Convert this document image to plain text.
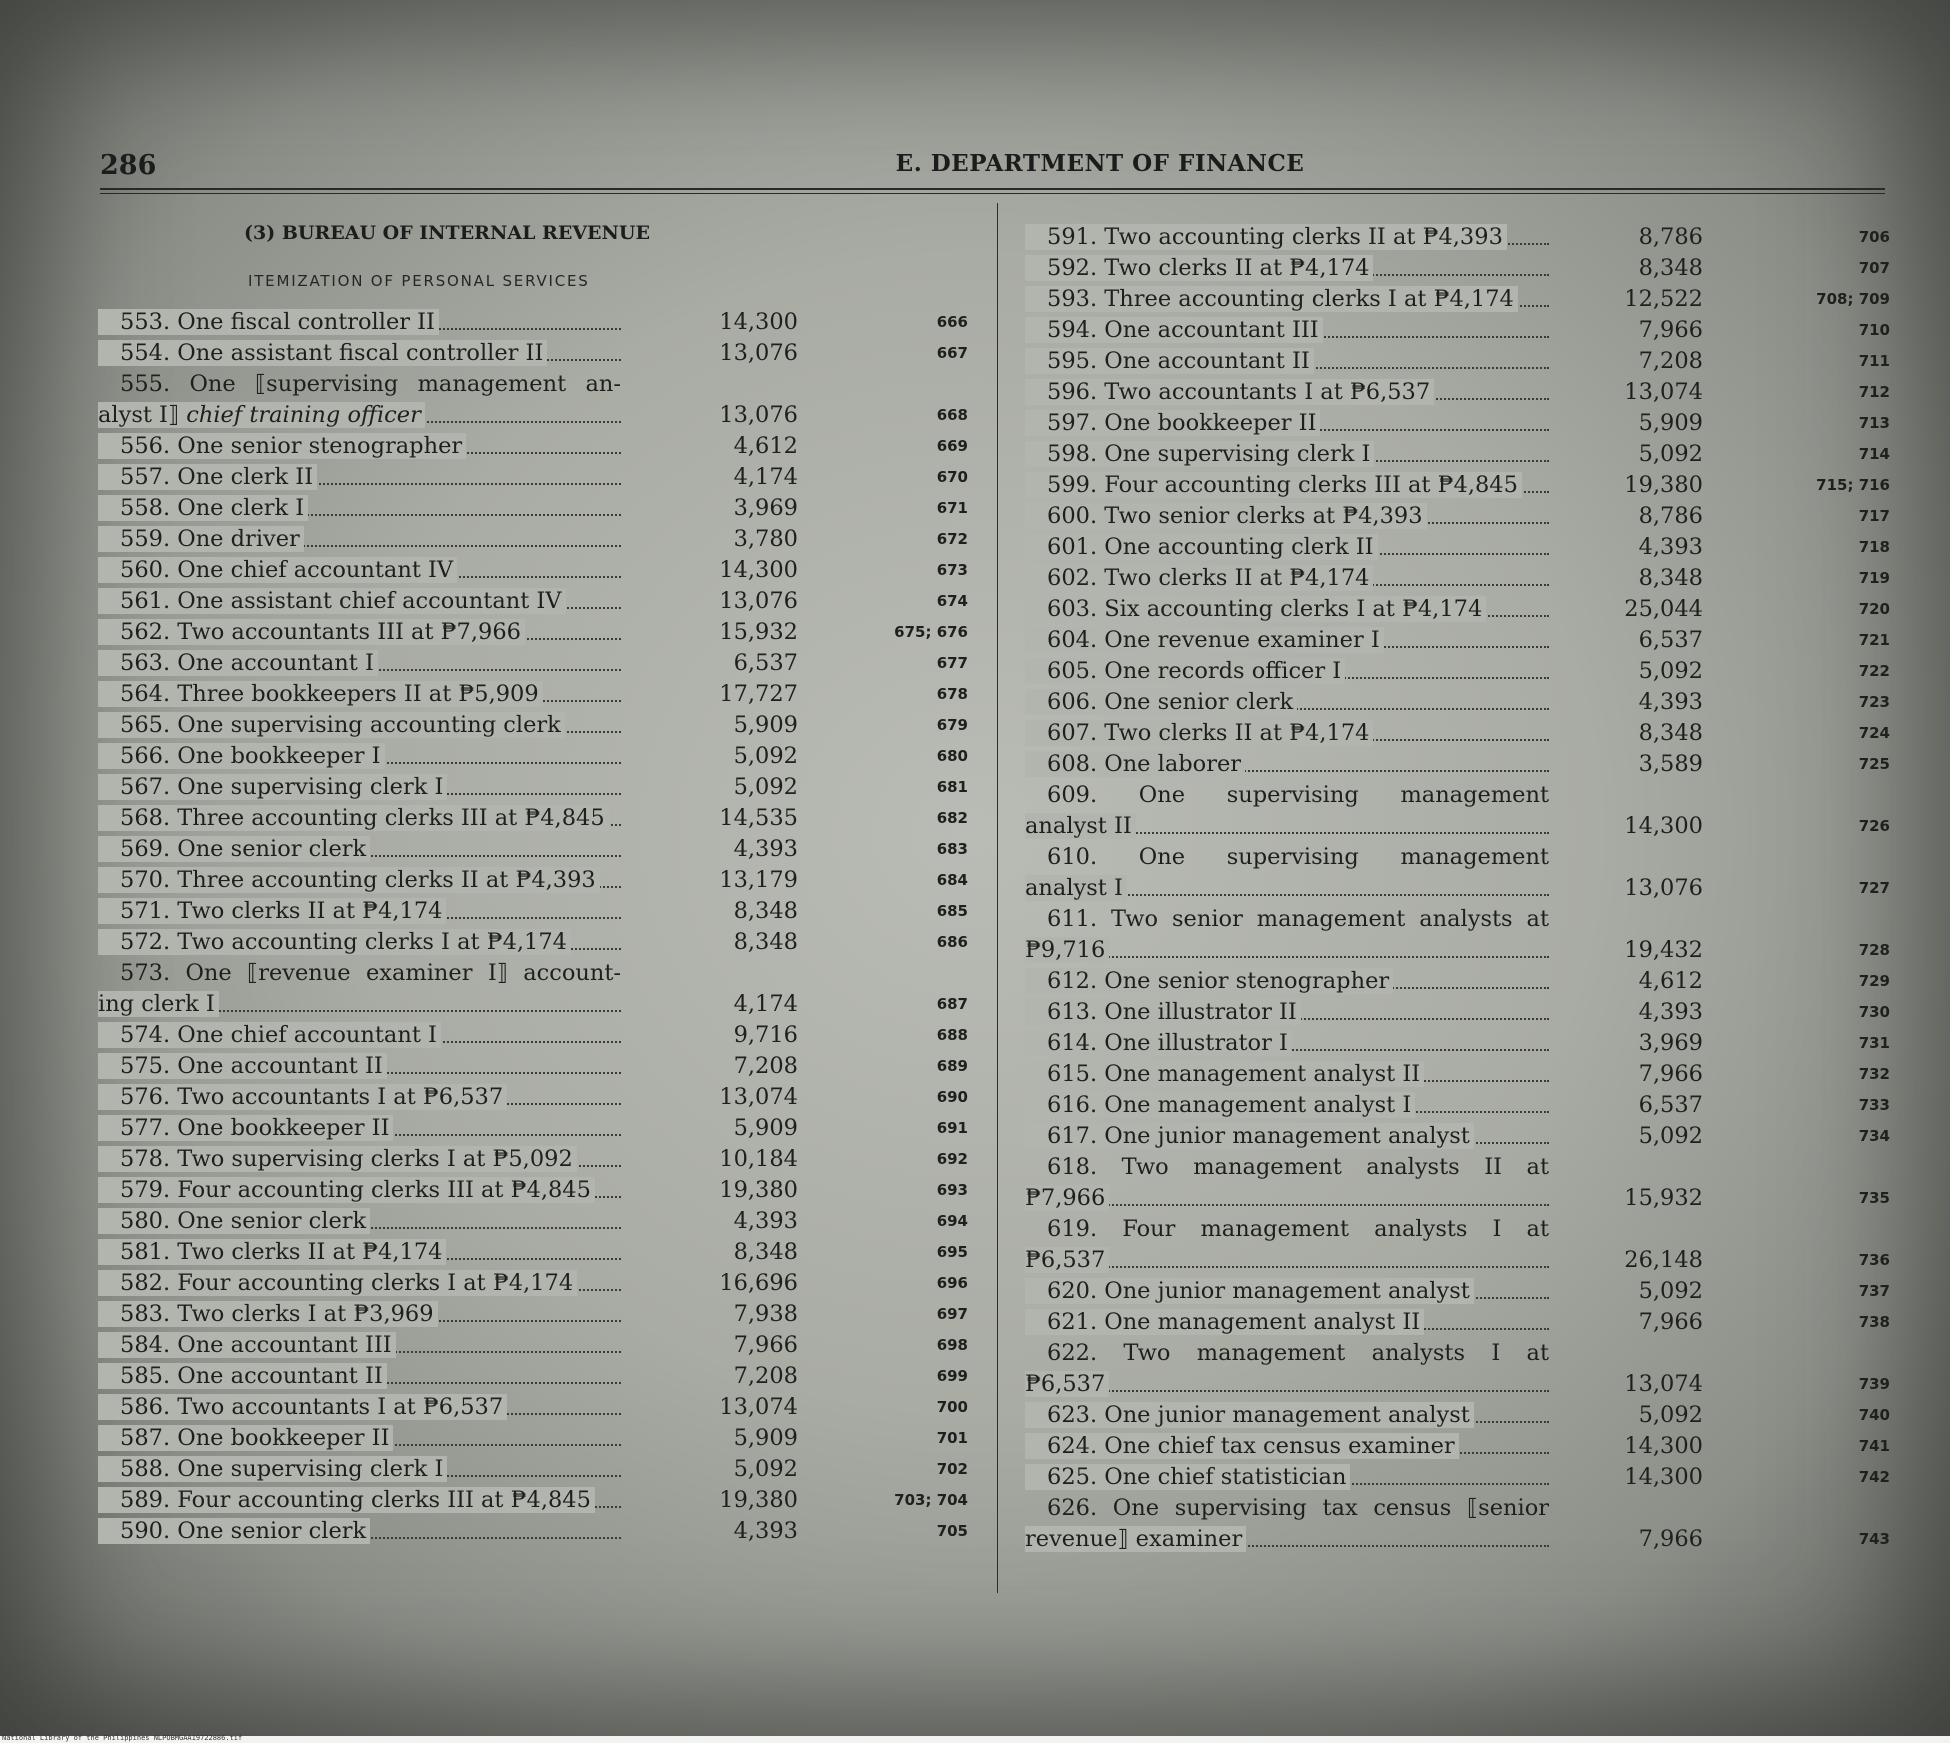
286	E. DEPARTMENT OF FINANCE
(3) BUREAU OF INTERNAL REVENUE
ITEMIZATION OF PERSONAL SERVICES
553. One fiscal controller II	14,300	666
554. One assistant fiscal controller II	13,076	667
555. One ⟦supervising management an-
alyst I⟧ chief training officer	13,076	668
556. One senior stenographer	4,612	669
557. One clerk II	4,174	670
558. One clerk I	3,969	671
559. One driver	3,780	672
560. One chief accountant IV	14,300	673
561. One assistant chief accountant IV	13,076	674
562. Two accountants III at ₱7,966	15,932	675; 676
563. One accountant I	6,537	677
564. Three bookkeepers II at ₱5,909	17,727	678
565. One supervising accounting clerk	5,909	679
566. One bookkeeper I	5,092	680
567. One supervising clerk I	5,092	681
568. Three accounting clerks III at ₱4,845	14,535	682
569. One senior clerk	4,393	683
570. Three accounting clerks II at ₱4,393	13,179	684
571. Two clerks II at ₱4,174	8,348	685
572. Two accounting clerks I at ₱4,174	8,348	686
573. One ⟦revenue examiner I⟧ account-
ing clerk I	4,174	687
574. One chief accountant I	9,716	688
575. One accountant II	7,208	689
576. Two accountants I at ₱6,537	13,074	690
577. One bookkeeper II	5,909	691
578. Two supervising clerks I at ₱5,092	10,184	692
579. Four accounting clerks III at ₱4,845	19,380	693
580. One senior clerk	4,393	694
581. Two clerks II at ₱4,174	8,348	695
582. Four accounting clerks I at ₱4,174	16,696	696
583. Two clerks I at ₱3,969	7,938	697
584. One accountant III	7,966	698
585. One accountant II	7,208	699
586. Two accountants I at ₱6,537	13,074	700
587. One bookkeeper II	5,909	701
588. One supervising clerk I	5,092	702
589. Four accounting clerks III at ₱4,845	19,380	703; 704
590. One senior clerk	4,393	705
591. Two accounting clerks II at ₱4,393	8,786	706
592. Two clerks II at ₱4,174	8,348	707
593. Three accounting clerks I at ₱4,174	12,522	708; 709
594. One accountant III	7,966	710
595. One accountant II	7,208	711
596. Two accountants I at ₱6,537	13,074	712
597. One bookkeeper II	5,909	713
598. One supervising clerk I	5,092	714
599. Four accounting clerks III at ₱4,845	19,380	715; 716
600. Two senior clerks at ₱4,393	8,786	717
601. One accounting clerk II	4,393	718
602. Two clerks II at ₱4,174	8,348	719
603. Six accounting clerks I at ₱4,174	25,044	720
604. One revenue examiner I	6,537	721
605. One records officer I	5,092	722
606. One senior clerk	4,393	723
607. Two clerks II at ₱4,174	8,348	724
608. One laborer	3,589	725
609. One supervising management
analyst II	14,300	726
610. One supervising management
analyst I	13,076	727
611. Two senior management analysts at
₱9,716	19,432	728
612. One senior stenographer	4,612	729
613. One illustrator II	4,393	730
614. One illustrator I	3,969	731
615. One management analyst II	7,966	732
616. One management analyst I	6,537	733
617. One junior management analyst	5,092	734
618. Two management analysts II at
₱7,966	15,932	735
619. Four management analysts I at
₱6,537	26,148	736
620. One junior management analyst	5,092	737
621. One management analyst II	7,966	738
622. Two management analysts I at
₱6,537	13,074	739
623. One junior management analyst	5,092	740
624. One chief tax census examiner	14,300	741
625. One chief statistician	14,300	742
626. One supervising tax census ⟦senior
revenue⟧ examiner	7,966	743
National Library of the Philippines NLPOBMGAA19722886.tif
